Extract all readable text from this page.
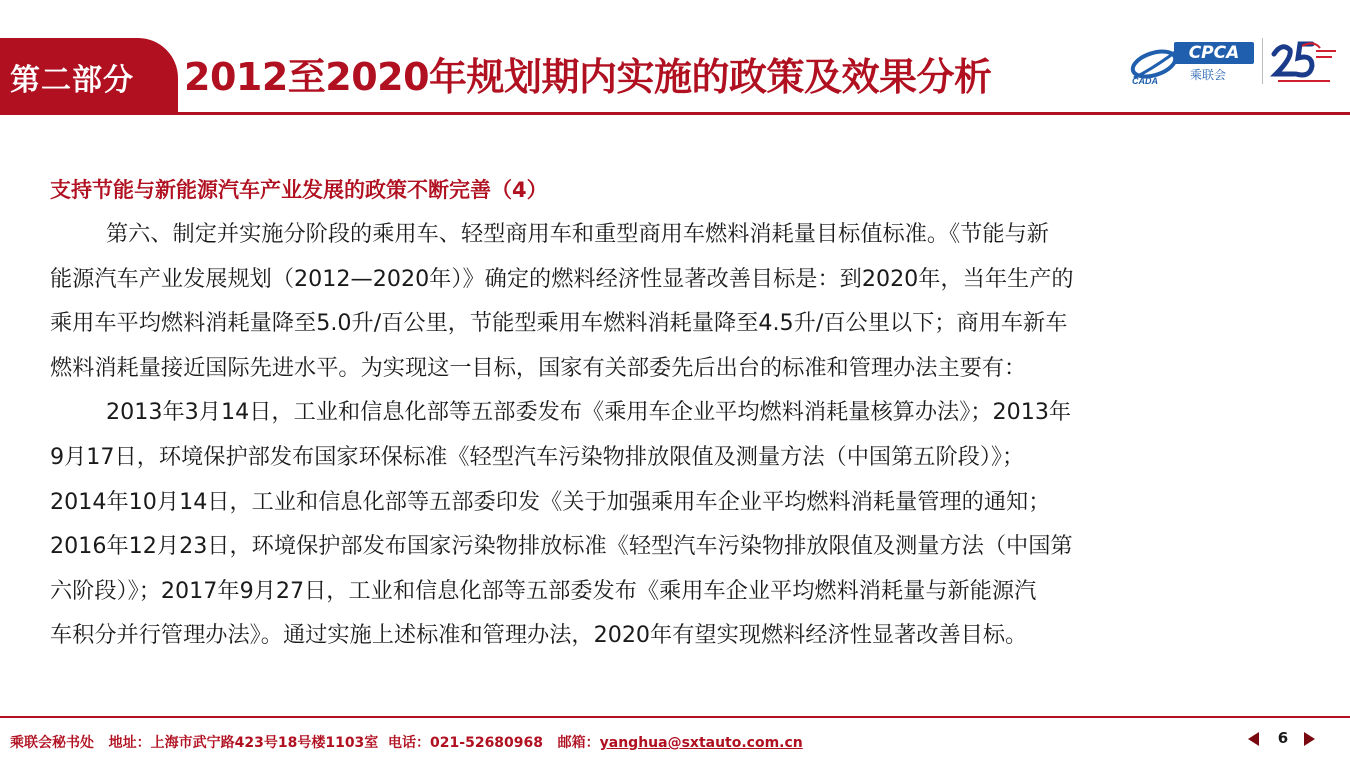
第二部分 2012至2020年规划期内实施的政策及效果分析	CADA
CPCA
乘联会
支持节能与新能源汽车产业发展的政策不断完善（4）
第六、制定并实施分阶段的乘用车、轻型商用车和重型商用车燃料消耗量目标值标准。《节能与新
能源汽车产业发展规划（2012—2020年）》确定的燃料经济性显著改善目标是：到2020年，当年生产的
乘用车平均燃料消耗量降至5.0升/百公里，节能型乘用车燃料消耗量降至4.5升/百公里以下；商用车新车
燃料消耗量接近国际先进水平。为实现这一目标，国家有关部委先后出台的标准和管理办法主要有：
2013年3月14日，工业和信息化部等五部委发布《乘用车企业平均燃料消耗量核算办法》；2013年
9月17日，环境保护部发布国家环保标准《轻型汽车污染物排放限值及测量方法（中国第五阶段）》；
2014年10月14日，工业和信息化部等五部委印发《关于加强乘用车企业平均燃料消耗量管理的通知；
2016年12月23日，环境保护部发布国家污染物排放标准《轻型汽车污染物排放限值及测量方法（中国第
六阶段）》；2017年9月27日，工业和信息化部等五部委发布《乘用车企业平均燃料消耗量与新能源汽
车积分并行管理办法》。通过实施上述标准和管理办法，2020年有望实现燃料经济性显著改善目标。
乘联会秘书处 地址：上海市武宁路423号18号楼1103室 电话：021-52680968 邮箱：yanghua@sxtauto.com.cn	6
